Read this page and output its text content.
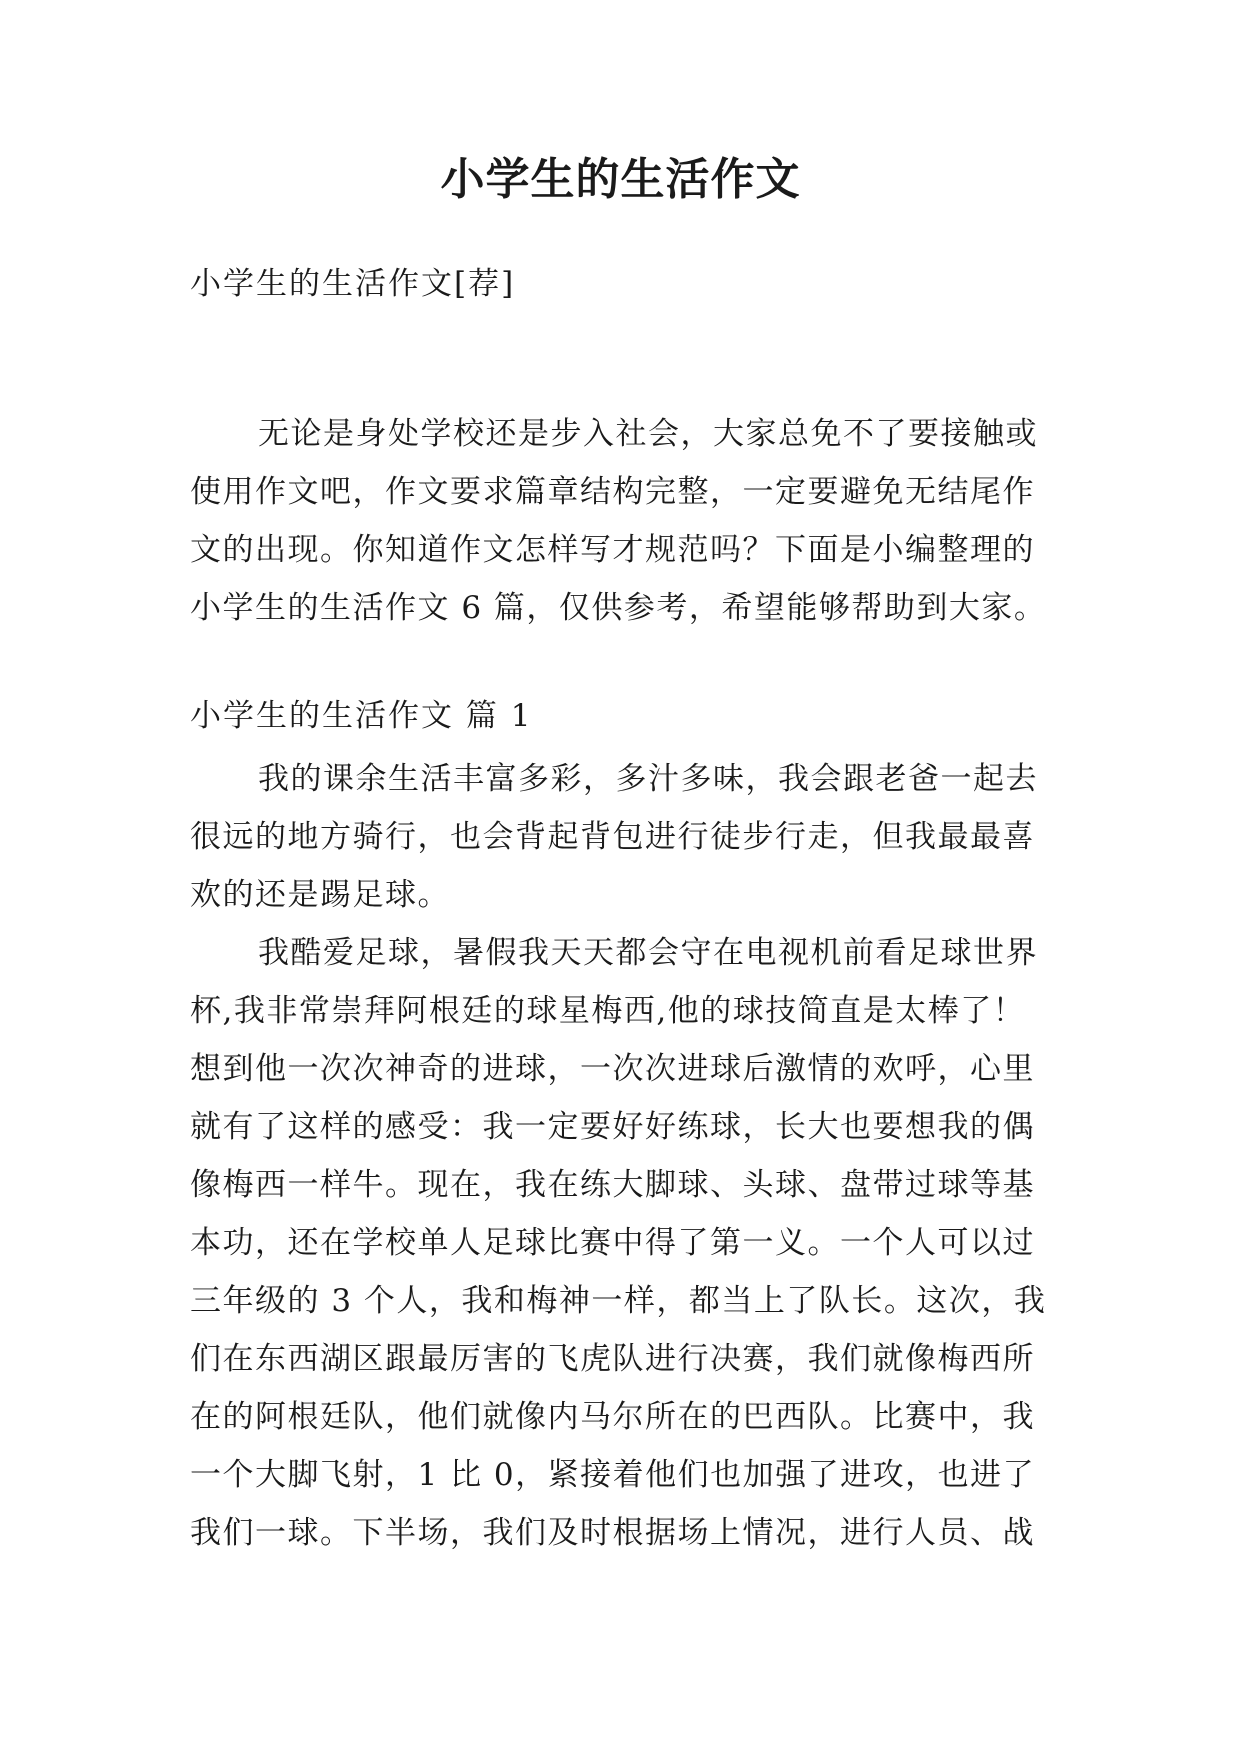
小学生的生活作文

小学生的生活作文[荐]

无论是身处学校还是步入社会，大家总免不了要接触或
使用作文吧，作文要求篇章结构完整，一定要避免无结尾作
文的出现。你知道作文怎样写才规范吗？下面是小编整理的
小学生的生活作文 6 篇，仅供参考，希望能够帮助到大家。

小学生的生活作文 篇 1

我的课余生活丰富多彩，多汁多味，我会跟老爸一起去
很远的地方骑行，也会背起背包进行徒步行走，但我最最喜
欢的还是踢足球。
我酷爱足球，暑假我天天都会守在电视机前看足球世界
杯,我非常崇拜阿根廷的球星梅西,他的球技简直是太棒了！
想到他一次次神奇的进球，一次次进球后激情的欢呼，心里
就有了这样的感受：我一定要好好练球，长大也要想我的偶
像梅西一样牛。现在，我在练大脚球、头球、盘带过球等基
本功，还在学校单人足球比赛中得了第一义。一个人可以过
三年级的 3 个人，我和梅神一样，都当上了队长。这次，我
们在东西湖区跟最厉害的飞虎队进行决赛，我们就像梅西所
在的阿根廷队，他们就像内马尔所在的巴西队。比赛中，我
一个大脚飞射，1 比 0，紧接着他们也加强了进攻，也进了
我们一球。下半场，我们及时根据场上情况，进行人员、战
